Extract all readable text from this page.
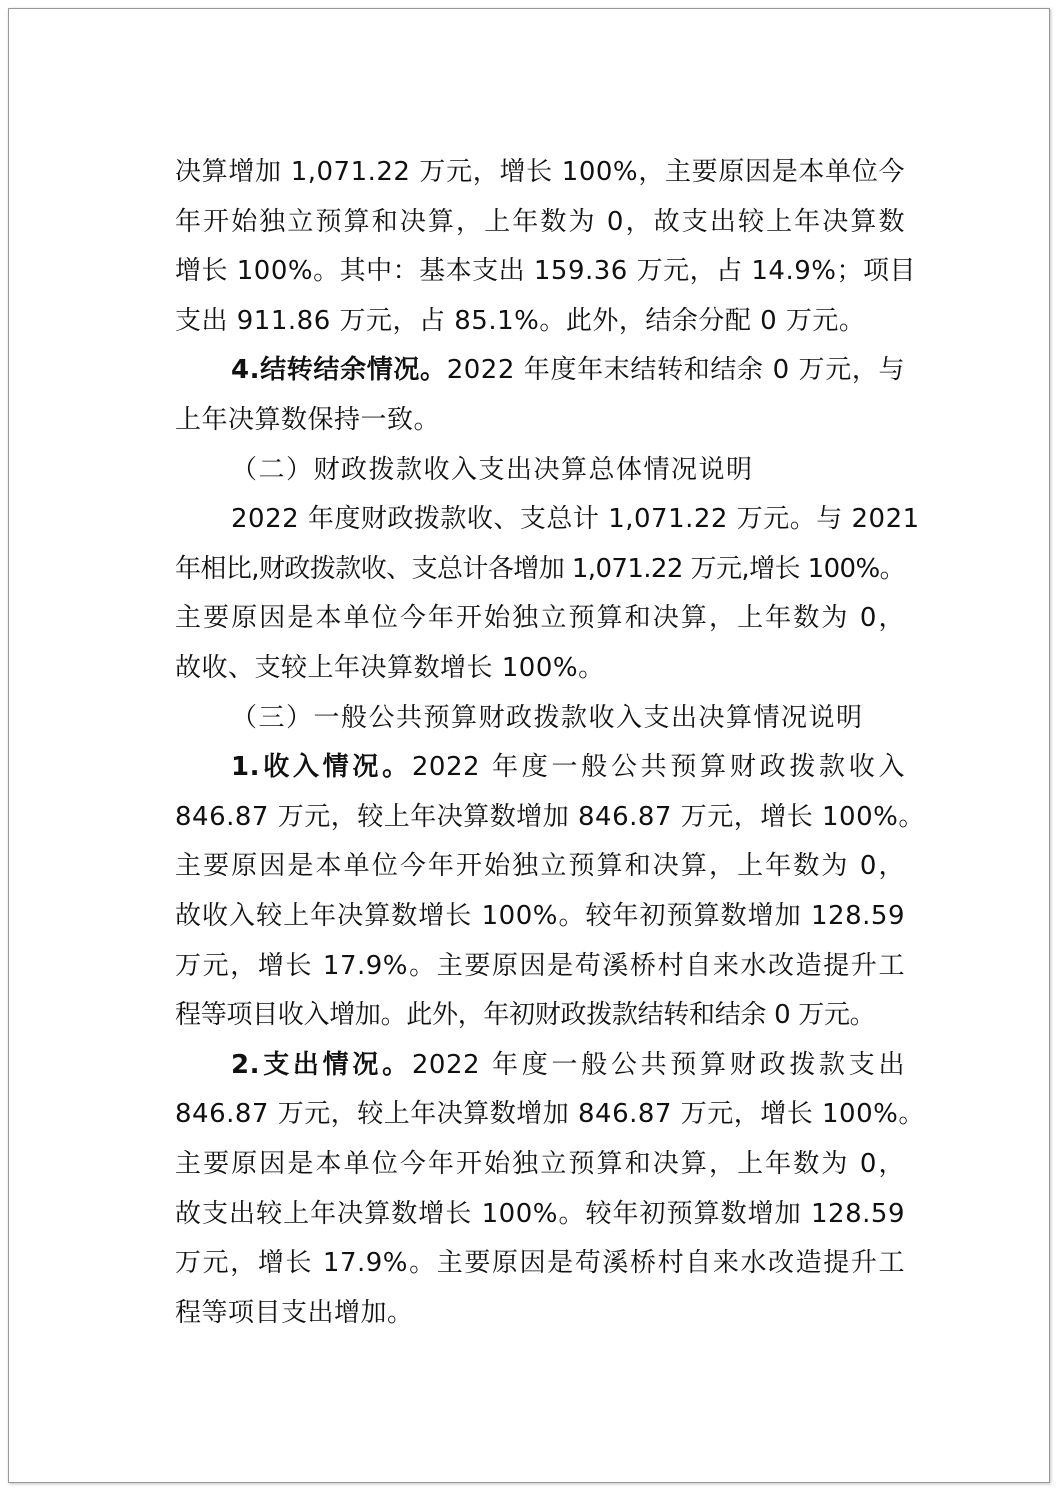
决算增加 1,071.22 万元，增长 100%，主要原因是本单位今
年开始独立预算和决算，上年数为 0，故支出较上年决算数
增长 100%。其中：基本支出 159.36 万元，占 14.9%；项目
支出 911.86 万元，占 85.1%。此外，结余分配 0 万元。
4.结转结余情况。2022 年度年末结转和结余 0 万元，与
上年决算数保持一致。
（二）财政拨款收入支出决算总体情况说明
2022 年度财政拨款收、支总计 1,071.22 万元。与 2021
年相比,财政拨款收、支总计各增加 1,071.22 万元,增长 100%。
主要原因是本单位今年开始独立预算和决算，上年数为 0，
故收、支较上年决算数增长 100%。
（三）一般公共预算财政拨款收入支出决算情况说明
1.收入情况。2022 年度一般公共预算财政拨款收入
846.87 万元，较上年决算数增加 846.87 万元，增长 100%。
主要原因是本单位今年开始独立预算和决算，上年数为 0，
故收入较上年决算数增长 100%。较年初预算数增加 128.59
万元，增长 17.9%。主要原因是苟溪桥村自来水改造提升工
程等项目收入增加。此外，年初财政拨款结转和结余 0 万元。
2.支出情况。2022 年度一般公共预算财政拨款支出
846.87 万元，较上年决算数增加 846.87 万元，增长 100%。
主要原因是本单位今年开始独立预算和决算，上年数为 0，
故支出较上年决算数增长 100%。较年初预算数增加 128.59
万元，增长 17.9%。主要原因是苟溪桥村自来水改造提升工
程等项目支出增加。
